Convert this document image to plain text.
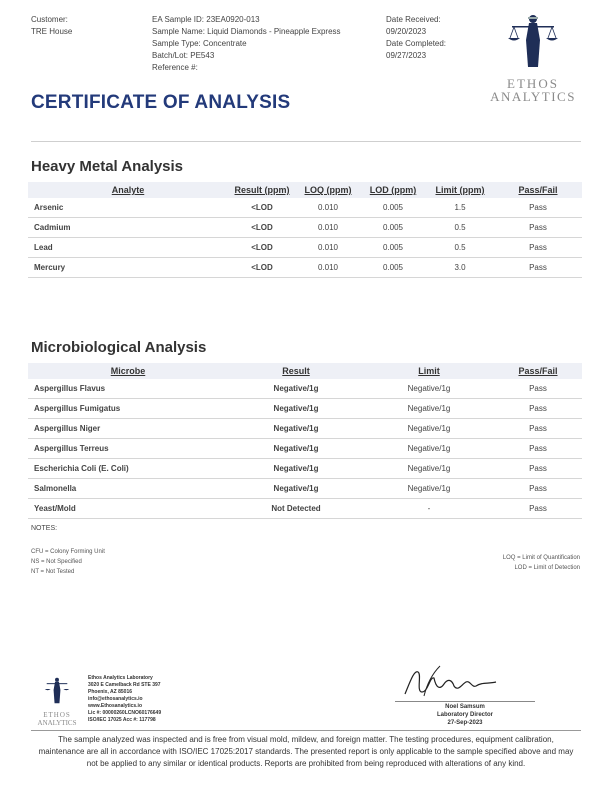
Customer:
TRE House
EA Sample ID: 23EA0920-013
Sample Name: Liquid Diamonds - Pineapple Express
Sample Type: Concentrate
Batch/Lot: PE543
Reference #:
Date Received:
09/20/2023
Date Completed:
09/27/2023
ETHOS
ANALYTICS
CERTIFICATE OF ANALYSIS
Heavy Metal Analysis
Analyte	Result (ppm)	LOQ (ppm)	LOD (ppm)	Limit (ppm)	Pass/Fail
Arsenic	<LOD	0.010	0.005	1.5	Pass
Cadmium	<LOD	0.010	0.005	0.5	Pass
Lead	<LOD	0.010	0.005	0.5	Pass
Mercury	<LOD	0.010	0.005	3.0	Pass
Microbiological Analysis
Microbe	Result	Limit	Pass/Fail
Aspergillus Flavus	Negative/1g	Negative/1g	Pass
Aspergillus Fumigatus	Negative/1g	Negative/1g	Pass
Aspergillus Niger	Negative/1g	Negative/1g	Pass
Aspergillus Terreus	Negative/1g	Negative/1g	Pass
Escherichia Coli (E. Coli)	Negative/1g	Negative/1g	Pass
Salmonella	Negative/1g	Negative/1g	Pass
Yeast/Mold	Not Detected	-	Pass
NOTES:
CFU = Colony Forming Unit
NS = Not Specified
NT = Not Tested
LOQ = Limit of Quantification
LOD = Limit of Detection
ETHOS
ANALYTICS
Ethos Analytics Laboratory
3020 E Camelback Rd STE 397
Phoenix, AZ 85016
info@ethosanalytics.io
www.Ethosanalytics.io
Lic #: 00000260LCNO60176649
ISO/IEC 17025 Acc #: 117798
Noel Samsum
Laboratory Director
27-Sep-2023
The sample analyzed was inspected and is free from visual mold, mildew, and foreign matter. The testing procedures, equipment calibration,
maintenance are all in accordance with ISO/IEC 17025:2017 standards. The presented report is only applicable to the sample specified above and may
not be applied to any similar or identical products. Reports are prohibited from being reproduced with alterations of any kind.
